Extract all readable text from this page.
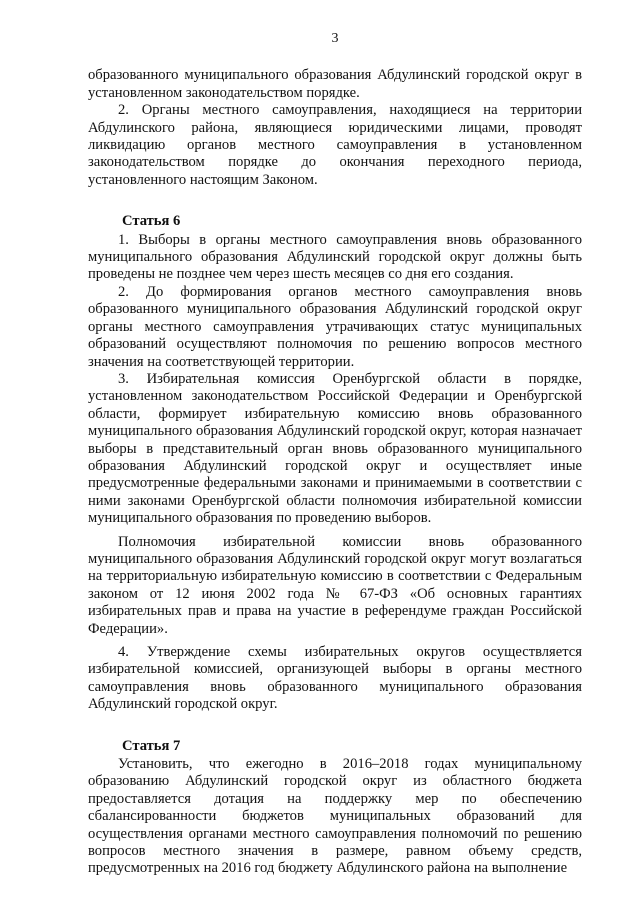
3

образованного муниципального образования Абдулинский городской округ в установленном законодательством порядке.

2. Органы местного самоуправления, находящиеся на территории Абдулинского района, являющиеся юридическими лицами, проводят ликвидацию органов местного самоуправления в установленном законодательством порядке до окончания переходного периода, установленного настоящим Законом.

Статья 6

1. Выборы в органы местного самоуправления вновь образованного муниципального образования Абдулинский городской округ должны быть проведены не позднее чем через шесть месяцев со дня его создания.

2. До формирования органов местного самоуправления вновь образованного муниципального образования Абдулинский городской округ органы местного самоуправления утрачивающих статус муниципальных образований осуществляют полномочия по решению вопросов местного значения на соответствующей территории.

3. Избирательная комиссия Оренбургской области в порядке, установленном законодательством Российской Федерации и Оренбургской области, формирует избирательную комиссию вновь образованного муниципального образования Абдулинский городской округ, которая назначает выборы в представительный орган вновь образованного муниципального образования Абдулинский городской округ и осуществляет иные предусмотренные федеральными законами и принимаемыми в соответствии с ними законами Оренбургской области полномочия избирательной комиссии муниципального образования по проведению выборов.

Полномочия избирательной комиссии вновь образованного муниципального образования Абдулинский городской округ могут возлагаться на территориальную избирательную комиссию в соответствии с Федеральным законом от 12 июня 2002 года № 67-ФЗ «Об основных гарантиях избирательных прав и права на участие в референдуме граждан Российской Федерации».

4. Утверждение схемы избирательных округов осуществляется избирательной комиссией, организующей выборы в органы местного самоуправления вновь образованного муниципального образования Абдулинский городской округ.

Статья 7

Установить, что ежегодно в 2016–2018 годах муниципальному образованию Абдулинский городской округ из областного бюджета предоставляется дотация на поддержку мер по обеспечению сбалансированности бюджетов муниципальных образований для осуществления органами местного самоуправления полномочий по решению вопросов местного значения в размере, равном объему средств, предусмотренных на 2016 год бюджету Абдулинского района на выполнение
